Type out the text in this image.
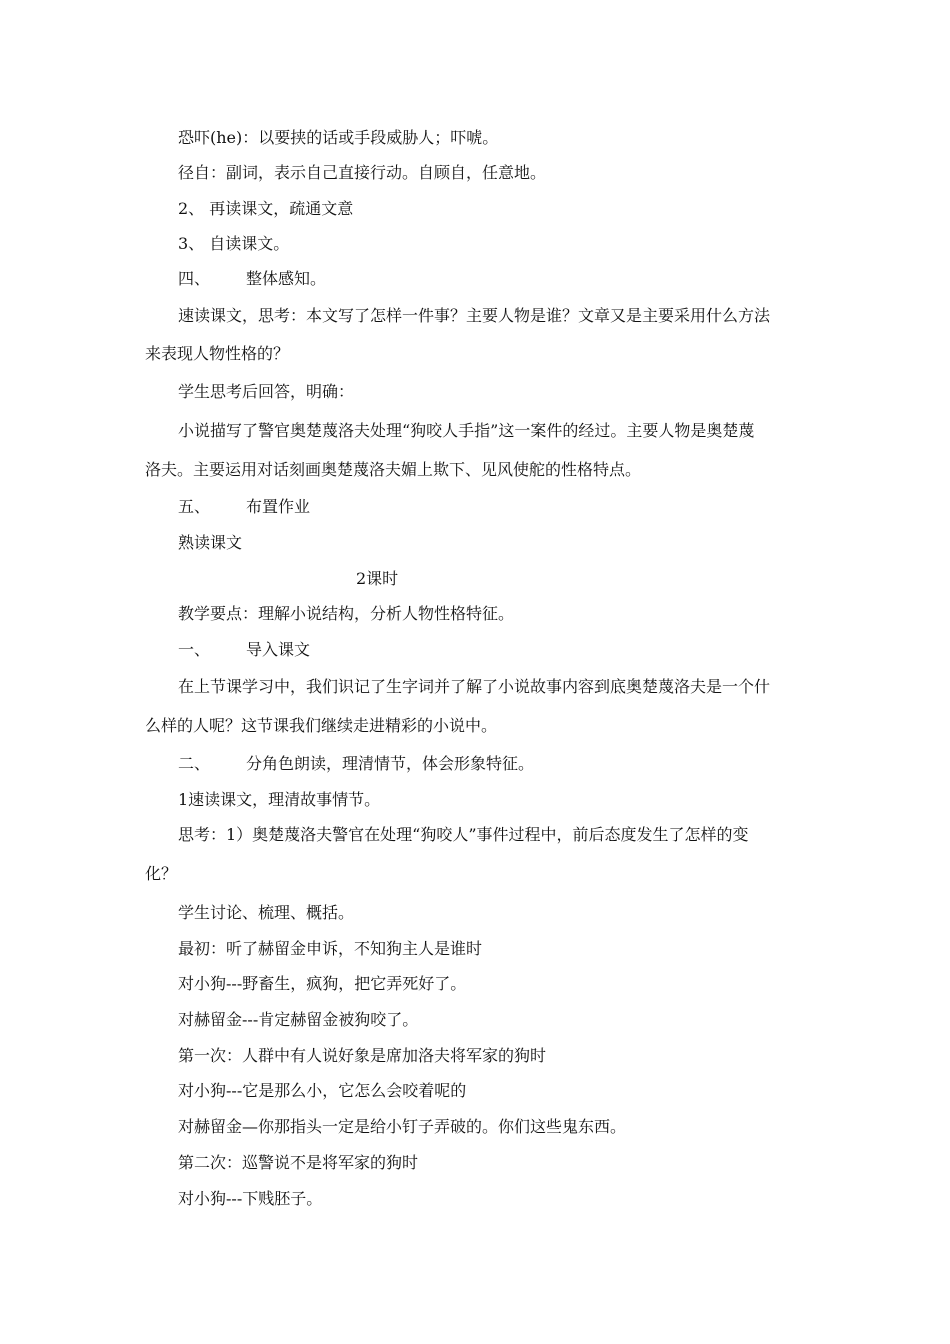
恐吓(he)：以要挟的话或手段威胁人；吓唬。

径自：副词，表示自己直接行动。自顾自，任意地。

2、 再读课文，疏通文意

3、 自读课文。

四、 整体感知。

速读课文，思考：本文写了怎样一件事？主要人物是谁？文章又是主要采用什么方法

来表现人物性格的？

学生思考后回答，明确：

小说描写了警官奥楚蔑洛夫处理“狗咬人手指”这一案件的经过。主要人物是奥楚蔑

洛夫。主要运用对话刻画奥楚蔑洛夫媚上欺下、见风使舵的性格特点。

五、 布置作业

熟读课文

2课时

教学要点：理解小说结构，分析人物性格特征。

一、 导入课文

在上节课学习中，我们识记了生字词并了解了小说故事内容到底奥楚蔑洛夫是一个什

么样的人呢？这节课我们继续走进精彩的小说中。

二、 分角色朗读，理清情节，体会形象特征。

1速读课文，理清故事情节。

思考：1）奥楚蔑洛夫警官在处理“狗咬人”事件过程中，前后态度发生了怎样的变

化？

学生讨论、梳理、概括。

最初：听了赫留金申诉，不知狗主人是谁时

对小狗---野畜生，疯狗，把它弄死好了。

对赫留金---肯定赫留金被狗咬了。

第一次：人群中有人说好象是席加洛夫将军家的狗时

对小狗---它是那么小，它怎么会咬着呢的

对赫留金—你那指头一定是给小钉子弄破的。你们这些鬼东西。

第二次：巡警说不是将军家的狗时

对小狗---下贱胚子。
